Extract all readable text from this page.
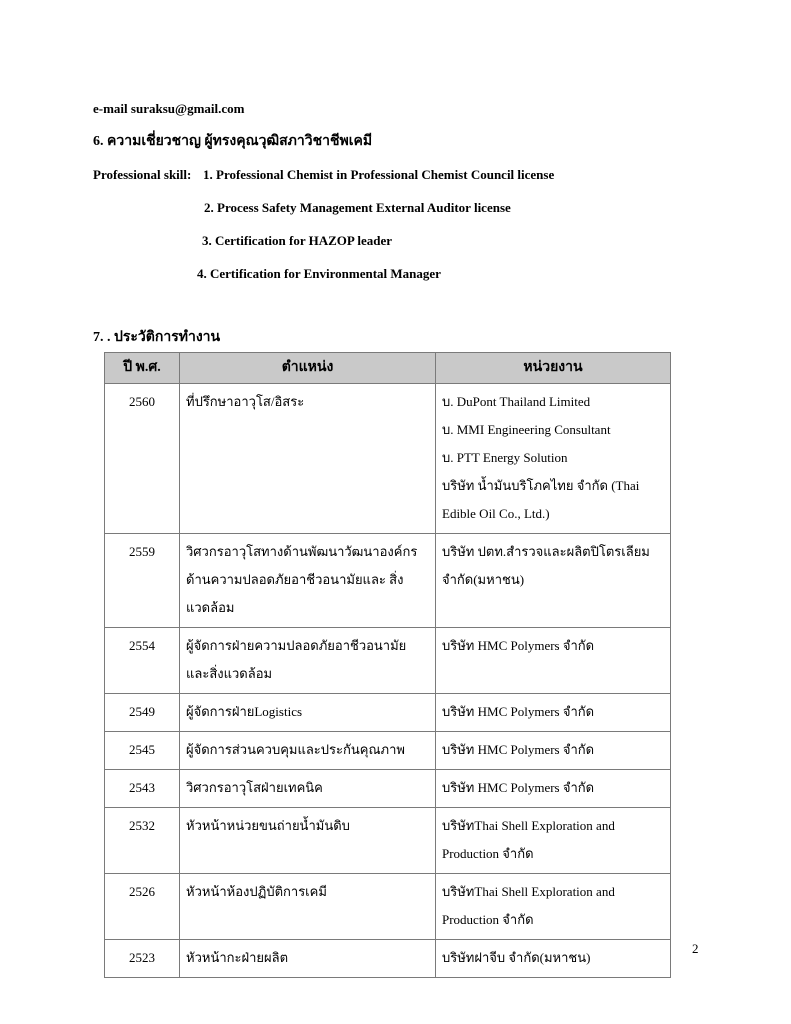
e-mail suraksu@gmail.com
6. ความเชี่ยวชาญ ผู้ทรงคุณวุฒิสภาวิชาชีพเคมี
Professional skill: 1. Professional Chemist in Professional Chemist Council license
2. Process Safety Management External Auditor license
3. Certification for HAZOP leader
4. Certification for Environmental Manager
7. . ประวัติการทำงาน
ปี พ.ศ.	ตำแหน่ง	หน่วยงาน
2560	ที่ปรึกษาอาวุโส/อิสระ	บ. DuPont Thailand Limited
บ. MMI Engineering Consultant
บ. PTT Energy Solution
บริษัท น้ำมันบริโภคไทย จำกัด (Thai
Edible Oil Co., Ltd.)

2559	วิศวกรอาวุโสทางด้านพัฒนาวัฒนาองค์กร ด้านความปลอดภัยอาชีวอนามัยและ สิ่งแวดล้อม	บริษัท ปตท.สำรวจและผลิตปิโตรเลียม จำกัด(มหาชน)

2554	ผู้จัดการฝ่ายความปลอดภัยอาชีวอนามัย และสิ่งแวดล้อม	บริษัท HMC Polymers จำกัด

2549	ผู้จัดการฝ่ายLogistics	บริษัท HMC Polymers จำกัด

2545	ผู้จัดการส่วนควบคุมและประกันคุณภาพ	บริษัท HMC Polymers จำกัด

2543	วิศวกรอาวุโสฝ่ายเทคนิค	บริษัท HMC Polymers จำกัด

2532	หัวหน้าหน่วยขนถ่ายน้ำมันดิบ	บริษัทThai Shell Exploration and Production จำกัด

2526	หัวหน้าห้องปฏิบัติการเคมี	บริษัทThai Shell Exploration and Production จำกัด

2523	หัวหน้ากะฝ่ายผลิต	บริษัทฝาจีบ จำกัด(มหาชน)
2
